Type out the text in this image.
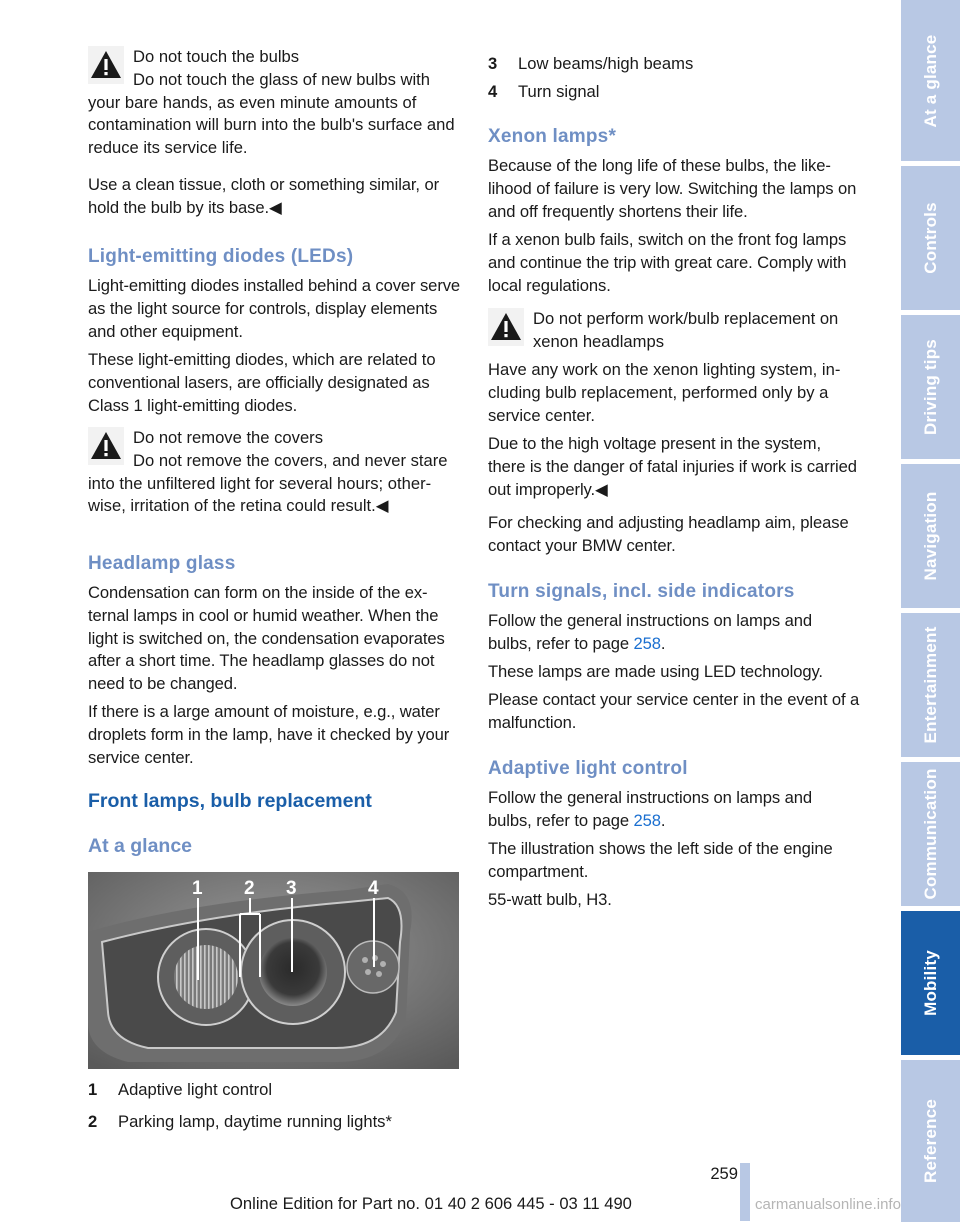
Do not touch the bulbs

Do not touch the glass of new bulbs with your bare hands, as even minute amounts of contamination will burn into the bulb's surface and reduce its service life.

Use a clean tissue, cloth or something similar, or hold the bulb by its base.◀

Light-emitting diodes (LEDs)

Light-emitting diodes installed behind a cover serve as the light source for controls, display elements and other equipment.

These light-emitting diodes, which are related to conventional lasers, are officially designated as Class 1 light-emitting diodes.

Do not remove the covers

Do not remove the covers, and never stare into the unfiltered light for several hours; otherwise, irritation of the retina could result.◀

Headlamp glass

Condensation can form on the inside of the external lamps in cool or humid weather. When the light is switched on, the condensation evaporates after a short time. The headlamp glasses do not need to be changed.

If there is a large amount of moisture, e.g., water droplets form in the lamp, have it checked by your service center.

Front lamps, bulb replacement
At a glance
1 2 3	4
1 Adaptive light control
2 Parking lamp, daytime running lights*
3 Low beams/high beams
4 Turn signal
Xenon lamps*

Because of the long life of these bulbs, the likelihood of failure is very low. Switching the lamps on and off frequently shortens their life.

If a xenon bulb fails, switch on the front fog lamps and continue the trip with great care. Comply with local regulations.

Do not perform work/bulb replacement on xenon headlamps

Have any work on the xenon lighting system, including bulb replacement, performed only by a service center.

Due to the high voltage present in the system, there is the danger of fatal injuries if work is carried out improperly.◀

For checking and adjusting headlamp aim, please contact your BMW center.

Turn signals, incl. side indicators

Follow the general instructions on lamps and bulbs, refer to page 258.

These lamps are made using LED technology.

Please contact your service center in the event of a malfunction.

Adaptive light control

Follow the general instructions on lamps and bulbs, refer to page 258.

The illustration shows the left side of the engine compartment.

55-watt bulb, H3.

At a glance
Controls
Driving tips
Navigation
Entertainment
Communication
Mobility
Reference
259
Online Edition for Part no. 01 40 2 606 445 - 03 11 490	carmanualsonline.info
